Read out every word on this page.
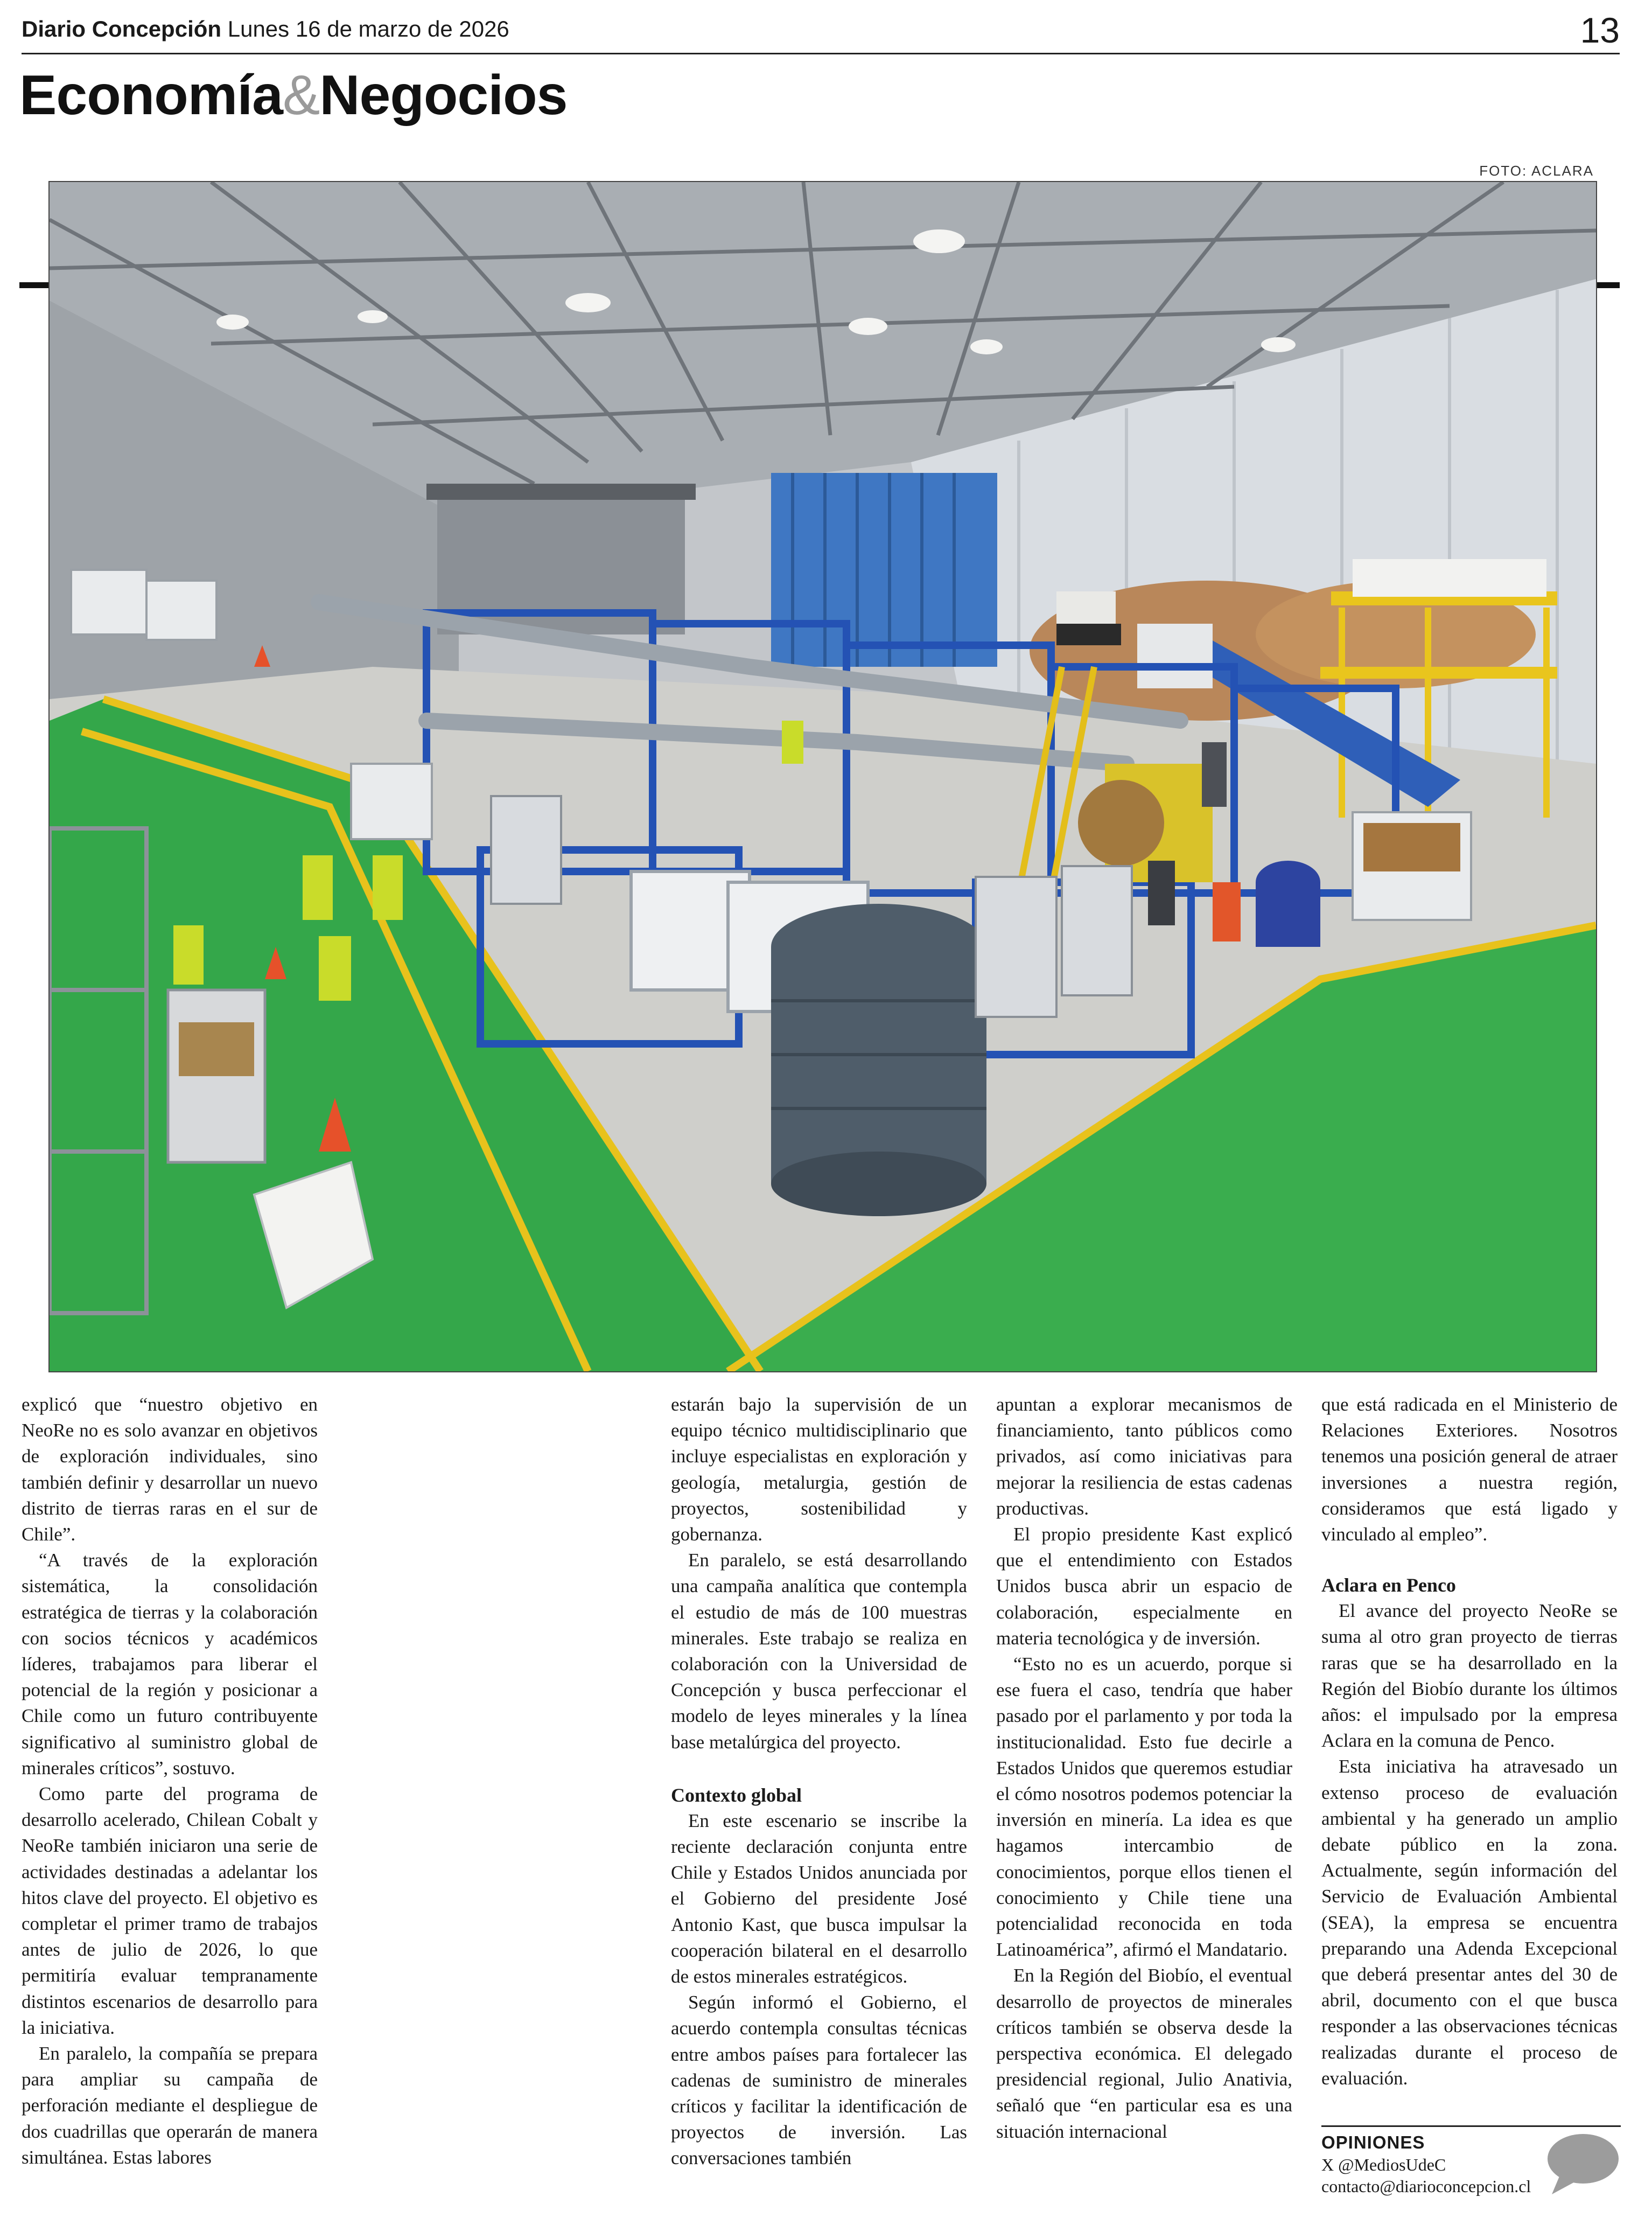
Diario Concepción Lunes 16 de marzo de 2026	13
Economía&Negocios
FOTO: ACLARA

explicó que “nuestro objetivo en NeoRe no es solo avanzar en objetivos de exploración individuales, sino también definir y desarrollar un nuevo distrito de tierras raras en el sur de Chile”.

“A través de la exploración sistemática, la consolidación estratégica de tierras y la colaboración con socios técnicos y académicos líderes, trabajamos para liberar el potencial de la región y posicionar a Chile como un futuro contribuyente significativo al suministro global de minerales críticos”, sostuvo.

Como parte del programa de desarrollo acelerado, Chilean Cobalt y NeoRe también iniciaron una serie de actividades destinadas a adelantar los hitos clave del proyecto. El objetivo es completar el primer tramo de trabajos antes de julio de 2026, lo que permitiría evaluar tempranamente distintos escenarios de desarrollo para la iniciativa.

En paralelo, la compañía se prepara para ampliar su campaña de perforación mediante el despliegue de dos cuadrillas que operarán de manera simultánea. Estas labores

estarán bajo la supervisión de un equipo técnico multidisciplinario que incluye especialistas en exploración y geología, metalurgia, gestión de proyectos, sostenibilidad y gobernanza.

En paralelo, se está desarrollando una campaña analítica que contempla el estudio de más de 100 muestras minerales. Este trabajo se realiza en colaboración con la Universidad de Concepción y busca perfeccionar el modelo de leyes minerales y la línea base metalúrgica del proyecto.

Contexto global

En este escenario se inscribe la reciente declaración conjunta entre Chile y Estados Unidos anunciada por el Gobierno del presidente José Antonio Kast, que busca impulsar la cooperación bilateral en el desarrollo de estos minerales estratégicos.

Según informó el Gobierno, el acuerdo contempla consultas técnicas entre ambos países para fortalecer las cadenas de suministro de minerales críticos y facilitar la identificación de proyectos de inversión. Las conversaciones también

apuntan a explorar mecanismos de financiamiento, tanto públicos como privados, así como iniciativas para mejorar la resiliencia de estas cadenas productivas.

El propio presidente Kast explicó que el entendimiento con Estados Unidos busca abrir un espacio de colaboración, especialmente en materia tecnológica y de inversión.

“Esto no es un acuerdo, porque si ese fuera el caso, tendría que haber pasado por el parlamento y por toda la institucionalidad. Esto fue decirle a Estados Unidos que queremos estudiar el cómo nosotros podemos potenciar la inversión en minería. La idea es que hagamos intercambio de conocimientos, porque ellos tienen el conocimiento y Chile tiene una potencialidad reconocida en toda Latinoamérica”, afirmó el Mandatario.

En la Región del Biobío, el eventual desarrollo de proyectos de minerales críticos también se observa desde la perspectiva económica. El delegado presidencial regional, Julio Anativia, señaló que “en particular esa es una situación internacional

que está radicada en el Ministerio de Relaciones Exteriores. Nosotros tenemos una posición general de atraer inversiones a nuestra región, consideramos que está ligado y vinculado al empleo”.

Aclara en Penco

El avance del proyecto NeoRe se suma al otro gran proyecto de tierras raras que se ha desarrollado en la Región del Biobío durante los últimos años: el impulsado por la empresa Aclara en la comuna de Penco.

Esta iniciativa ha atravesado un extenso proceso de evaluación ambiental y ha generado un amplio debate público en la zona. Actualmente, según información del Servicio de Evaluación Ambiental (SEA), la empresa se encuentra preparando una Adenda Excepcional que deberá presentar antes del 30 de abril, documento con el que busca responder a las observaciones técnicas realizadas durante el proceso de evaluación.

OPINIONES
X @MediosUdeC
contacto@diarioconcepcion.cl
